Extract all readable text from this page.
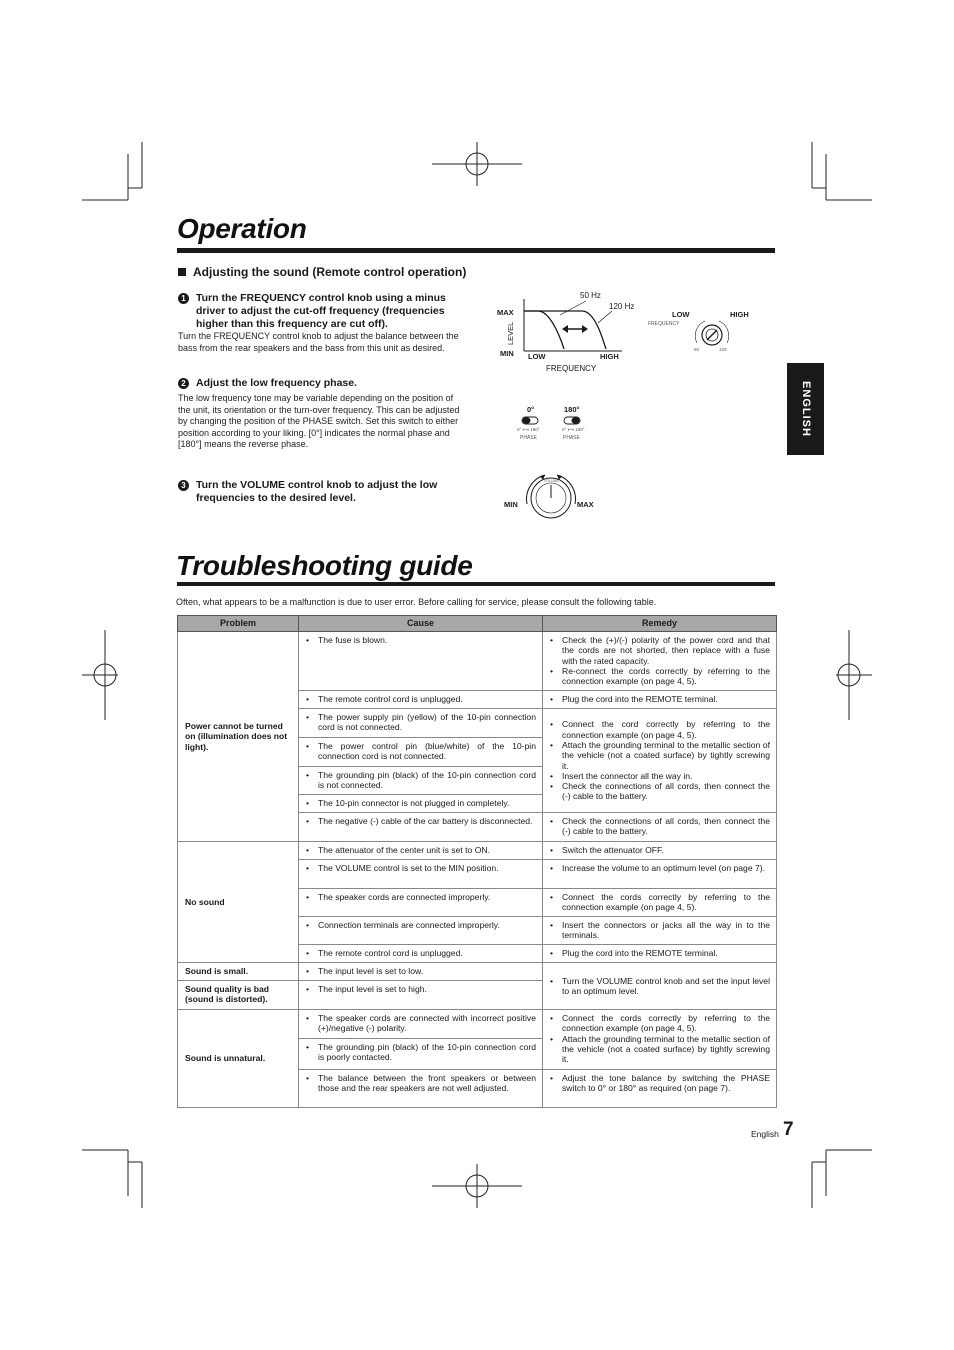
Operation
Adjusting the sound (Remote control operation)
1 Turn the FREQUENCY control knob using a minus driver to adjust the cut-off frequency (frequencies higher than this frequency are cut off).
Turn the FREQUENCY control knob to adjust the balance between the bass from the rear speakers and the bass from this unit as desired.
2 Adjust the low frequency phase.
The low frequency tone may be variable depending on the position of the unit, its orientation or the turn-over frequency. This can be adjusted by changing the position of the PHASE switch. Set this switch to either position according to your liking. [0°] indicates the normal phase and [180°] means the reverse phase.
3 Turn the VOLUME control knob to adjust the low frequencies to the desired level.
MAX
MIN
LEVEL
LOW	HIGH
50 Hz
120 Hz
FREQUENCY
LOW	HIGH
FREQUENCY
50	120
0°	180°
0° ⟷ 180°	0° ⟷ 180°
PHASE	PHASE
MIN	MAX
VOLUME
ENGLISH
Troubleshooting guide
Often, what appears to be a malfunction is due to user error. Before calling for service, please consult the following table.
Problem	Cause	Remedy
Power cannot be turned on (illumination does not light).	• The fuse is blown.	• Check the (+)/(-) polarity of the power cord and that the cords are not shorted, then replace with a fuse with the rated capacity.
• Re-connect the cords correctly by referring to the connection example (on page 4, 5).

	• The remote control cord is unplugged.	• Plug the cord into the REMOTE terminal.

	• The power supply pin (yellow) of the 10-pin connection cord is not connected.	• Connect the cord correctly by referring to the connection example (on page 4, 5).
• Attach the grounding terminal to the metallic section of the vehicle (not a coated surface) by tightly screwing it.
• Insert the connector all the way in.
• Check the connections of all cords, then connect the (-) cable to the battery.

	• The power control pin (blue/white) of the 10-pin connection cord is not connected.

	• The grounding pin (black) of the 10-pin connection cord is not connected.

	• The 10-pin connector is not plugged in completely.

	• The negative (-) cable of the car battery is disconnected.	• Check the connections of all cords, then connect the (-) cable to the battery.

No sound	• The attenuator of the center unit is set to ON.	• Switch the attenuator OFF.

	• The VOLUME control is set to the MIN position.	• Increase the volume to an optimum level (on page 7).

	• The speaker cords are connected improperly.	• Connect the cords correctly by referring to the connection example (on page 4, 5).

	• Connection terminals are connected improperly.	• Insert the connectors or jacks all the way in to the terminals.

	• The remote control cord is unplugged.	• Plug the cord into the REMOTE terminal.

Sound is small.	• The input level is set to low.	• Turn the VOLUME control knob and set the input level to an optimum level.

Sound quality is bad (sound is distorted).	• The input level is set to high.

Sound is unnatural.	• The speaker cords are connected with incorrect positive (+)/negative (-) polarity.	• Connect the cords correctly by referring to the connection example (on page 4, 5).
• Attach the grounding terminal to the metallic section of the vehicle (not a coated surface) by tightly screwing it.

	• The grounding pin (black) of the 10-pin connection cord is poorly contacted.

	• The balance between the front speakers or between those and the rear speakers are not well adjusted.	• Adjust the tone balance by switching the PHASE switch to 0° or 180° as required (on page 7).
English 7
